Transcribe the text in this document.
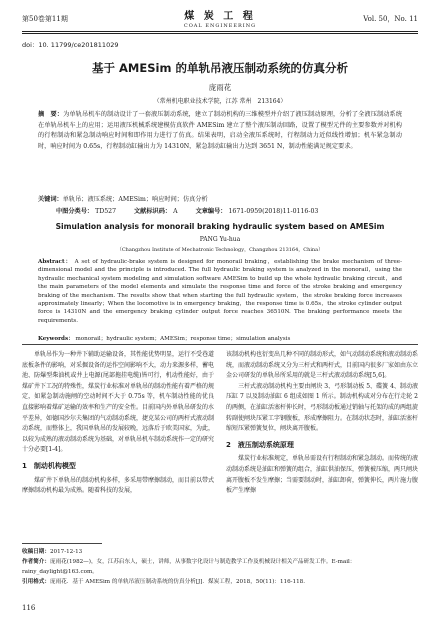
第50卷第11期	煤 炭 工 程
COAL ENGINEERING
Vol. 50，No. 11
doi：10. 11799/ce201811029
基于 AMESim 的单轨吊液压制动系统的仿真分析
庞雨花
（常州机电职业技术学院，江苏 常州　213164）
摘　要：为单轨吊机车的制动设计了一套液压制动系统，建立了制动机构的三维模型并介绍了液压制动原理，分析了全液压制动系统在单轨吊机车上的应用；运用液压机械系统建模仿真软件 AMESim 建立了整个液压制动回路，设置了模型元件的主要参数并对机构的行程制动和紧急制动响应时间和即作用力进行了仿真。结果表明，启动全液压系统时，行程制动力近似线性增加；机车紧急制动时，响应时间为 0.65s，行程制动缸输出力为 14310N，紧急制动缸输出力达到 3651 N，制动性能满足规定要求。
关键词：单轨吊；液压系统；AMESim；响应时间；仿真分析
中图分类号： TD527	文献标识码： A	文章编号： 1671-0959(2018)11-0116-03
Simulation analysis for monorail braking hydraulic system based on AMESim
PANG Yu-hua
（Changzhou Institute of Mechatronic Technology，Changzhou 213164，China）
Abstract： A set of hydraulic-brake system is designed for monorail braking，establishing the brake mechanism of three-dimensional model and the principle is introduced. The full hydraulic braking system is analyzed in the monorail，using the hydraulic mechanical system modeling and simulation software AMESim to build up the whole hydraulic braking circuit，and the main parameters of the model elements and simulate the response time and force of the stroke braking and emergency braking of the mechanism. The results show that when starting the full hydraulic system，the stroke braking force increases approximately linearly；When the locomotive is in emergency braking，the response time is 0.65s，the stroke cylinder output force is 14310N and the emergency braking cylinder output force reaches 36510N. The braking performance meets the requirements.
Keywords： monorail；hydraulic system；AMESim；response time；simulation analysis

单轨吊作为一种井下辅助运输设备，其性能优势明显，运行不受巷道底板条件的影响，对采掘设备的运作空间影响不大，动力来源多样，蓄电池、防爆型柴油机或井上电源(尾部拖挂电缆)皆可行，机动性能好，由于煤矿井下工况的特殊性，煤炭行业标准对单轨吊的制动性能有着严格的规定，如紧急制动施闸的空动时间不大于 0.75s 等，机车制动性能的优良直接影响着煤矿运输的效率和生产的安全性。目前国内外单轨吊研发的水平差异，如德国沙尔夫集团的气动制动系统，捷克某公司的两杆式液动制动系统，而整体上，我国单轨吊的发展较晚，远落后于欧美国家，为此，以较为成熟的液动制动系统为基础，对单轨吊机车制动系统作一定的研究十分必要[1-4]。

1　制动机构模型

煤矿井下单轨吊的制动机构多样，多采用带摩擦制动，而目前以带式摩擦制动机构最为成熟。随着科技的发展，

该制动机构也衍变出几种不同的制动形式，如气动制动系统和液动制动系统，而液动制动系统又分为三杆式和两杆式，目前国内很多厂家如由东立金公司研发的单轨吊所采用的就是三杆式液动制动系统[5,6]。

三杆式液动制动机构主要由闸块 3、弓形制动板 5、碟簧 4、制动液压缸 7 以及制动油缸 6 组成如图 1 所示。制动机构或对分布在行走轮 2 的两侧，在油缸活塞杆伸长时，弓形制动板通过销轴与托架的成的两组旋转副使闸块压紧工字钢腹板，形成摩擦阻力。在制动状态时，油缸活塞杆缩短压紧弹簧复位，闸块离开腹板。

2　液压制动系统原理

煤炭行业标准规定，单轨吊需设有行程制动和紧急制动。而传统的液动制动系统是油缸和弹簧的组合，油缸供油保压，弹簧被压缩，两只闸块离开腹板不发生摩擦；当需要制动时，油缸卸荷，弹簧伸长，两片施力腹板产生摩擦

收稿日期：2017-12-13
作者简介：庞雨花(1982—)，女，江苏启东人，硕士，讲师，从事数字化设计与制造教学工作及机械设计相关产品研发工作。E-mail：rainy_daylight@163.com。
引用格式：庞雨花．基于 AMESim 的单轨吊液压制动系统的仿真分析[J]．煤炭工程，2018，50(11)：116-118.
116
